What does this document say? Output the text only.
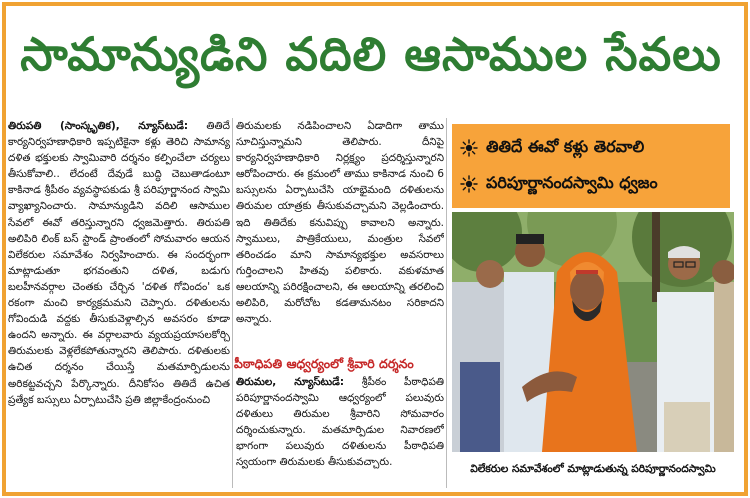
సామాన్యుడిని వదిలి ఆసాముల సేవలు

తిరుపతి (సాంస్కృతిక), న్యూస్‌టుడే: తితిదే కార్యనిర్వహణాధికారి ఇప్పటికైనా కళ్లు తెరిచి సామాన్య దళిత భక్తులకు స్వామివారి దర్శనం కల్పించేలా చర్యలు తీసుకోవాలి.. లేదంటే దేవుడే బుద్ధి చెబుతాడంటూ కాకినాడ శ్రీపీఠం వ్యవస్థాపకుడు శ్రీ పరిపూర్ణానంద స్వామి వ్యాఖ్యానించారు. సామాన్యుడిని వదిలి ఆసాముల సేవలో ఈవో తరిస్తున్నారని ధ్వజమెత్తారు. తిరుపతి అలిపిరి లింక్ బస్ స్టాండ్ ప్రాంతంలో సోమవారం ఆయన విలేకరుల సమావేశం నిర్వహించారు. ఈ సందర్భంగా మాట్లాడుతూ భగవంతుని దళిత, బడుగు బలహీనవర్గాల చెంతకు చేర్చిన 'దళిత గోవిందం' ఒక రకంగా మంచి కార్యక్రమమని చెప్పారు. దళితులను గోవిందుడి వద్దకు తీసుకువెళ్లాల్సిన అవసరం కూడా ఉందని అన్నారు. ఈ వర్గాలవారు వ్యయప్రయాసలకోర్చి తిరుమలకు వెళ్లలేకపోతున్నారని తెలిపారు. దళితులకు ఉచిత దర్శనం చేయిస్తే మతమార్పిడులను అరికట్టవచ్చని పేర్కొన్నారు. దీనికోసం తితిదే ఉచిత ప్రత్యేక బస్సులు ఏర్పాటుచేసి ప్రతి జిల్లాకేంద్రంనుంచి

తిరుమలకు నడిపించాలని ఏడాదిగా తాము సూచిస్తున్నామని తెలిపారు. దీనిపై కార్యనిర్వహణాధికారి నిర్లక్ష్యం ప్రదర్శిస్తున్నారని ఆరోపించారు. ఈ క్రమంలో తాము కాకినాడ నుంచి 6 బస్సులను ఏర్పాటుచేసి యాభైమంది దళితులను తిరుమల యాత్రకు తీసుకువచ్చామని వెల్లడించారు. ఇది తితిదేకు కనువిప్పు కావాలని అన్నారు. స్వాములు, పాత్రికేయులు, మంత్రుల సేవలో తరించడం మాని సామాన్యభక్తుల అవసరాలు గుర్తించాలని హితవు పలికారు. వకుళమాత ఆలయాన్ని పరిరక్షించాలని, ఈ ఆలయాన్ని తరలించి అలిపిరి, మరోచోట కడతామనటం సరికాదని అన్నారు.

పీఠాధిపతి ఆధ్వర్యంలో శ్రీవారి దర్శనం

తిరుమల, న్యూస్‌టుడే: శ్రీపీఠం పీఠాధిపతి పరిపూర్ణానందస్వామి ఆధ్వర్యంలో పలువురు దళితులు తిరుమల శ్రీవారిని సోమవారం దర్శించుకున్నారు. మతమార్పిడుల నివారణలో భాగంగా పలువురు దళితులను పీఠాధిపతి స్వయంగా తిరుమలకు తీసుకువచ్చారు.

తితిదే ఈవో కళ్లు తెరవాలి
పరిపూర్ణానందస్వామి ధ్వజం
విలేకరుల సమావేశంలో మాట్లాడుతున్న పరిపూర్ణానందస్వామి
